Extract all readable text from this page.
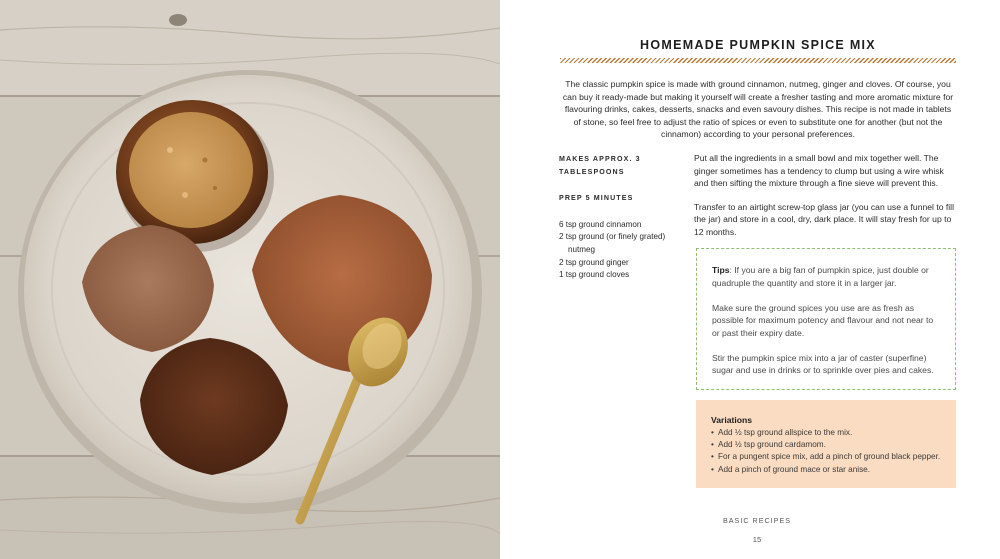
HOMEMADE PUMPKIN SPICE MIX

The classic pumpkin spice is made with ground cinnamon, nutmeg, ginger and cloves. Of course, you can buy it ready-made but making it yourself will create a fresher tasting and more aromatic mixture for flavouring drinks, cakes, desserts, snacks and even savoury dishes. This recipe is not made in tablets of stone, so feel free to adjust the ratio of spices or even to substitute one for another (but not the cinnamon) according to your personal preferences.

MAKES APPROX. 3 TABLESPOONS
PREP 5 MINUTES
6 tsp ground cinnamon
2 tsp ground (or finely grated) nutmeg
2 tsp ground ginger
1 tsp ground cloves

Put all the ingredients in a small bowl and mix together well. The ginger sometimes has a tendency to clump but using a wire whisk and then sifting the mixture through a fine sieve will prevent this.

Transfer to an airtight screw-top glass jar (you can use a funnel to fill the jar) and store in a cool, dry, dark place. It will stay fresh for up to 12 months.

Tips: If you are a big fan of pumpkin spice, just double or quadruple the quantity and store it in a larger jar.

Make sure the ground spices you use are as fresh as possible for maximum potency and flavour and not near to or past their expiry date.

Stir the pumpkin spice mix into a jar of caster (superfine) sugar and use in drinks or to sprinkle over pies and cakes.

Variations
• Add ½ tsp ground allspice to the mix.
• Add ½ tsp ground cardamom.
• For a pungent spice mix, add a pinch of ground black pepper.
• Add a pinch of ground mace or star anise.
BASIC RECIPES
15
